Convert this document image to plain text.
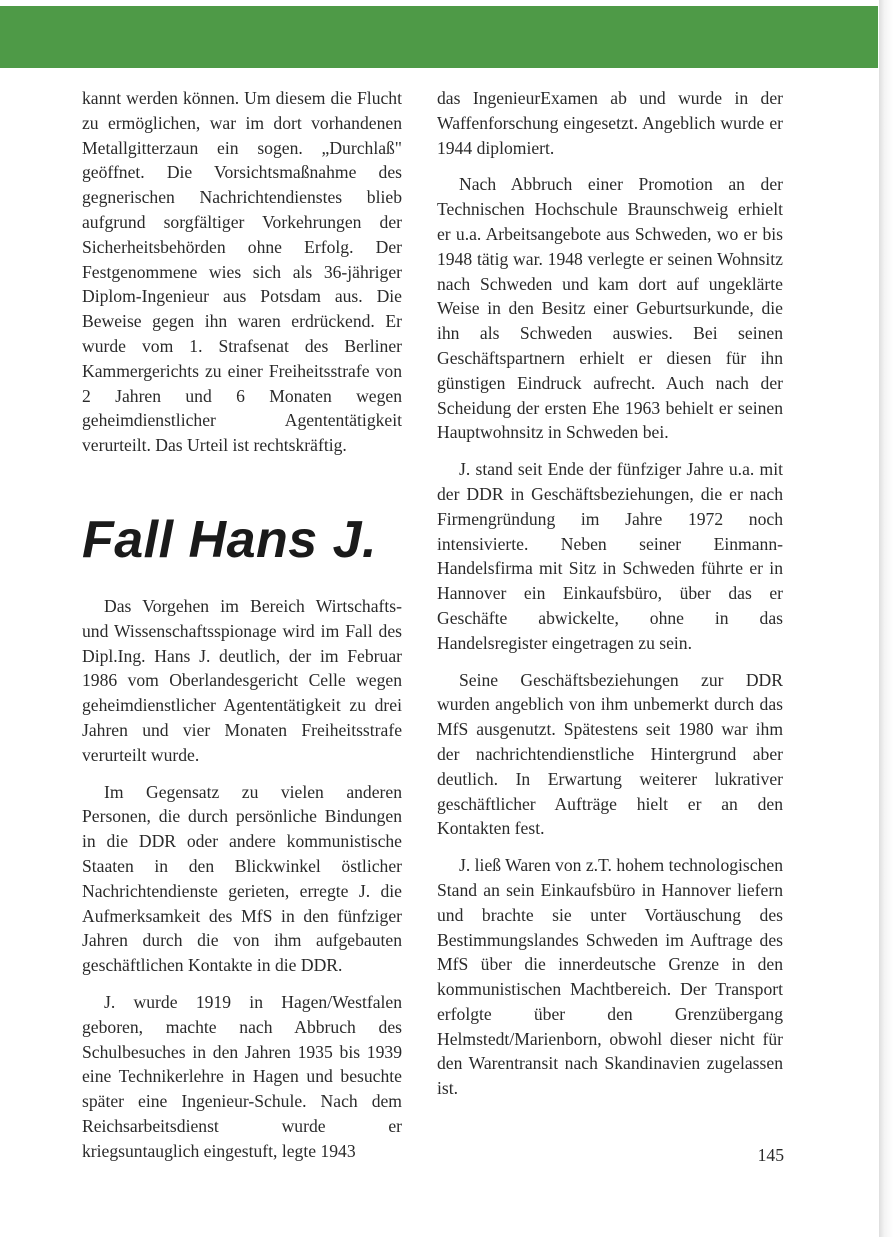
kannt werden können. Um diesem die Flucht zu ermöglichen, war im dort vorhandenen Metallgitterzaun ein sogen. „Durchlaß" geöffnet. Die Vorsichtsmaßnahme des gegnerischen Nachrichtendienstes blieb aufgrund sorgfältiger Vorkehrungen der Sicherheitsbehörden ohne Erfolg. Der Festgenommene wies sich als 36-jähriger Diplom-Ingenieur aus Potsdam aus. Die Beweise gegen ihn waren erdrückend. Er wurde vom 1. Strafsenat des Berliner Kammergerichts zu einer Freiheitsstrafe von 2 Jahren und 6 Monaten wegen geheimdienstlicher Agententätigkeit verurteilt. Das Urteil ist rechtskräftig.

Fall Hans J.

Das Vorgehen im Bereich Wirtschafts- und Wissenschaftsspionage wird im Fall des Dipl.Ing. Hans J. deutlich, der im Februar 1986 vom Oberlandesgericht Celle wegen geheimdienstlicher Agententätigkeit zu drei Jahren und vier Monaten Freiheitsstrafe verurteilt wurde.

Im Gegensatz zu vielen anderen Personen, die durch persönliche Bindungen in die DDR oder andere kommunistische Staaten in den Blickwinkel östlicher Nachrichtendienste gerieten, erregte J. die Aufmerksamkeit des MfS in den fünfziger Jahren durch die von ihm aufgebauten geschäftlichen Kontakte in die DDR.

J. wurde 1919 in Hagen/Westfalen geboren, machte nach Abbruch des Schulbesuches in den Jahren 1935 bis 1939 eine Technikerlehre in Hagen und besuchte später eine Ingenieur-Schule. Nach dem Reichsarbeitsdienst wurde er kriegsuntauglich eingestuft, legte 1943

das IngenieurExamen ab und wurde in der Waffenforschung eingesetzt. Angeblich wurde er 1944 diplomiert.

Nach Abbruch einer Promotion an der Technischen Hochschule Braunschweig erhielt er u.a. Arbeitsangebote aus Schweden, wo er bis 1948 tätig war. 1948 verlegte er seinen Wohnsitz nach Schweden und kam dort auf ungeklärte Weise in den Besitz einer Geburtsurkunde, die ihn als Schweden auswies. Bei seinen Geschäftspartnern erhielt er diesen für ihn günstigen Eindruck aufrecht. Auch nach der Scheidung der ersten Ehe 1963 behielt er seinen Hauptwohnsitz in Schweden bei.

J. stand seit Ende der fünfziger Jahre u.a. mit der DDR in Geschäftsbeziehungen, die er nach Firmengründung im Jahre 1972 noch intensivierte. Neben seiner Einmann-Handelsfirma mit Sitz in Schweden führte er in Hannover ein Einkaufsbüro, über das er Geschäfte abwickelte, ohne in das Handelsregister eingetragen zu sein.

Seine Geschäftsbeziehungen zur DDR wurden angeblich von ihm unbemerkt durch das MfS ausgenutzt. Spätestens seit 1980 war ihm der nachrichtendienstliche Hintergrund aber deutlich. In Erwartung weiterer lukrativer geschäftlicher Aufträge hielt er an den Kontakten fest.

J. ließ Waren von z.T. hohem technologischen Stand an sein Einkaufsbüro in Hannover liefern und brachte sie unter Vortäuschung des Bestimmungslandes Schweden im Auftrage des MfS über die innerdeutsche Grenze in den kommunistischen Machtbereich. Der Transport erfolgte über den Grenzübergang Helmstedt/Marienborn, obwohl dieser nicht für den Warentransit nach Skandinavien zugelassen ist.

145
